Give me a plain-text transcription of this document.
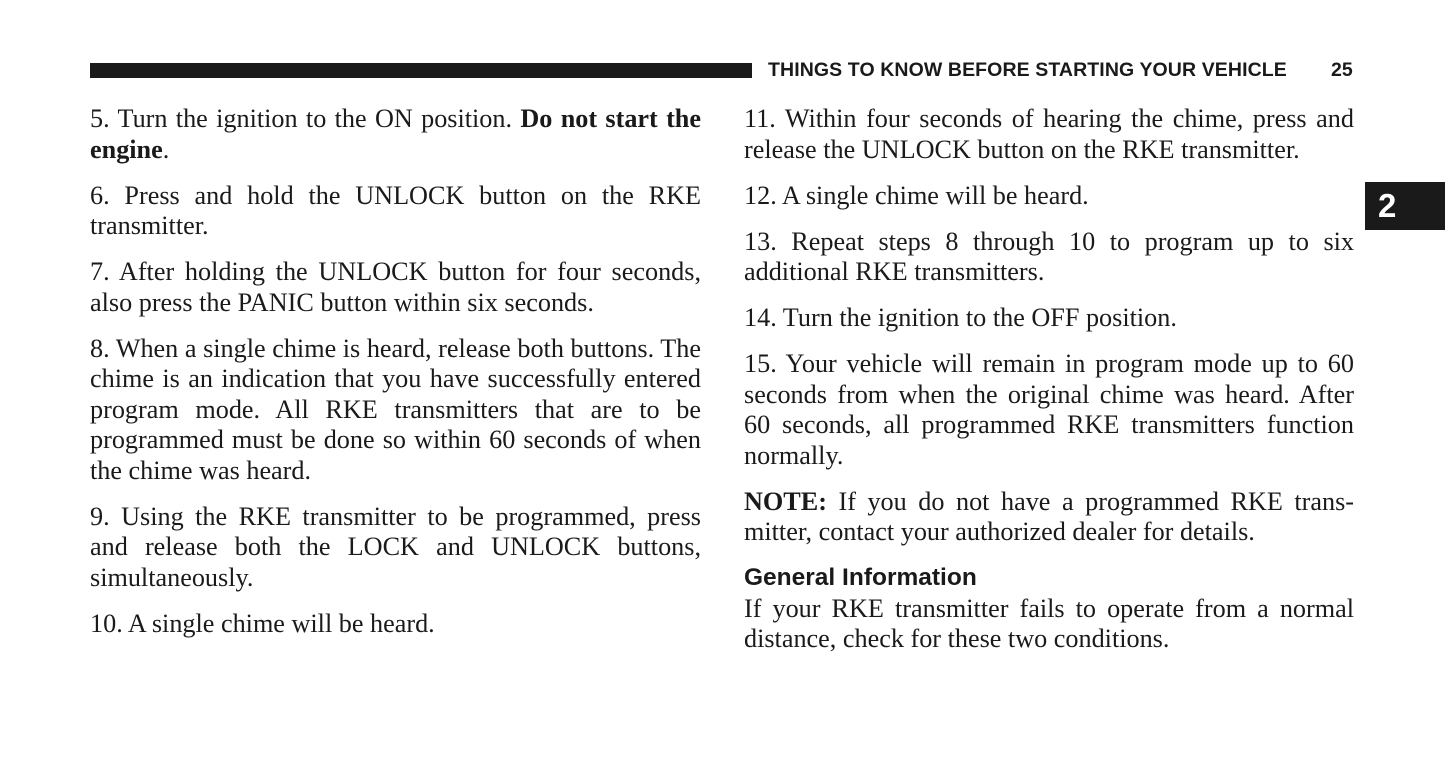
THINGS TO KNOW BEFORE STARTING YOUR VEHICLE 25
2

5. Turn the ignition to the ON position. Do not start the engine.

6. Press and hold the UNLOCK button on the RKE transmitter.

7. After holding the UNLOCK button for four seconds, also press the PANIC button within six seconds.

8. When a single chime is heard, release both buttons. The chime is an indication that you have successfully entered program mode. All RKE transmitters that are to be programmed must be done so within 60 seconds of when the chime was heard.

9. Using the RKE transmitter to be programmed, press and release both the LOCK and UNLOCK buttons, simultaneously.

10. A single chime will be heard.

11. Within four seconds of hearing the chime, press and release the UNLOCK button on the RKE transmitter.

12. A single chime will be heard.

13. Repeat steps 8 through 10 to program up to six additional RKE transmitters.

14. Turn the ignition to the OFF position.

15. Your vehicle will remain in program mode up to 60 seconds from when the original chime was heard. After 60 seconds, all programmed RKE transmitters function normally.

NOTE: If you do not have a programmed RKE trans-mitter, contact your authorized dealer for details.

General Information

If your RKE transmitter fails to operate from a normal distance, check for these two conditions.
